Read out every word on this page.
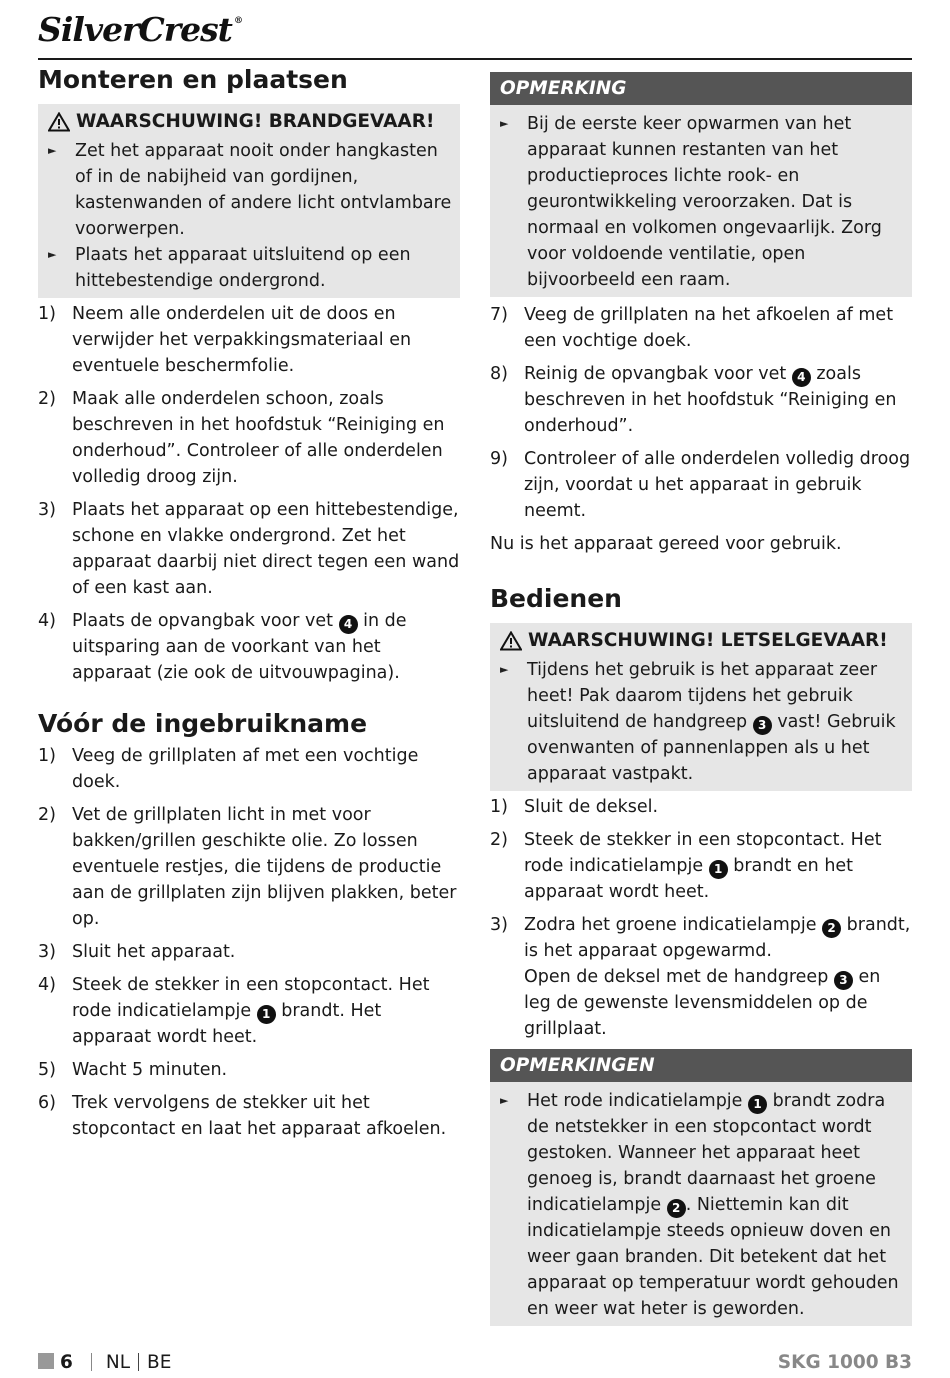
SilverCrest ®
Monteren en plaatsen
WAARSCHUWING! BRANDGEVAAR!
►	Zet het apparaat nooit onder hangkasten of in de nabijheid van gordijnen, kastenwanden of andere licht ontvlambare voorwerpen.
►	Plaats het apparaat uitsluitend op een hittebestendige ondergrond.
1) Neem alle onderdelen uit de doos en verwijder het verpakkingsmateriaal en eventuele beschermfolie.
2) Maak alle onderdelen schoon, zoals beschreven in het hoofdstuk “Reiniging en onderhoud”. Controleer of alle onderdelen volledig droog zijn.
3) Plaats het apparaat op een hittebestendige, schone en vlakke ondergrond. Zet het apparaat daarbij niet direct tegen een wand of een kast aan.
4) Plaats de opvangbak voor vet 4 in de uitsparing aan de voorkant van het apparaat (zie ook de uitvouwpagina).
Vóór de ingebruikname
1) Veeg de grillplaten af met een vochtige doek.
2) Vet de grillplaten licht in met voor bakken/grillen geschikte olie. Zo lossen eventuele restjes, die tijdens de productie aan de grillplaten zijn blijven plakken, beter op.
3) Sluit het apparaat.
4) Steek de stekker in een stopcontact. Het rode indicatielampje 1 brandt. Het apparaat wordt heet.
5) Wacht 5 minuten.
6) Trek vervolgens de stekker uit het stopcontact en laat het apparaat afkoelen.
OPMERKING
►	Bij de eerste keer opwarmen van het apparaat kunnen restanten van het productieproces lichte rook- en geurontwikkeling veroorzaken. Dat is normaal en volkomen ongevaarlijk. Zorg voor voldoende ventilatie, open bijvoorbeeld een raam.
7) Veeg de grillplaten na het afkoelen af met een vochtige doek.
8) Reinig de opvangbak voor vet 4 zoals beschreven in het hoofdstuk “Reiniging en onderhoud”.
9) Controleer of alle onderdelen volledig droog zijn, voordat u het apparaat in gebruik neemt.

Nu is het apparaat gereed voor gebruik.

Bedienen
WAARSCHUWING! LETSELGEVAAR!
►	Tijdens het gebruik is het apparaat zeer heet! Pak daarom tijdens het gebruik uitsluitend de handgreep 3 vast! Gebruik ovenwanten of pannenlappen als u het apparaat vastpakt.
1) Sluit de deksel.
2) Steek de stekker in een stopcontact. Het rode indicatielampje 1 brandt en het apparaat wordt heet.
3) Zodra het groene indicatielampje 2 brandt, is het apparaat opgewarmd.
Open de deksel met de handgreep 3 en leg de gewenste levensmiddelen op de grillplaat.
OPMERKINGEN
►	Het rode indicatielampje 1 brandt zodra de netstekker in een stopcontact wordt gestoken. Wanneer het apparaat heet genoeg is, brandt daarnaast het groene indicatielampje 2 . Niettemin kan dit indicatielampje steeds opnieuw doven en weer gaan branden. Dit betekent dat het apparaat op temperatuur wordt gehouden en weer wat heter is geworden.
6 NL BE	SKG 1000 B3
